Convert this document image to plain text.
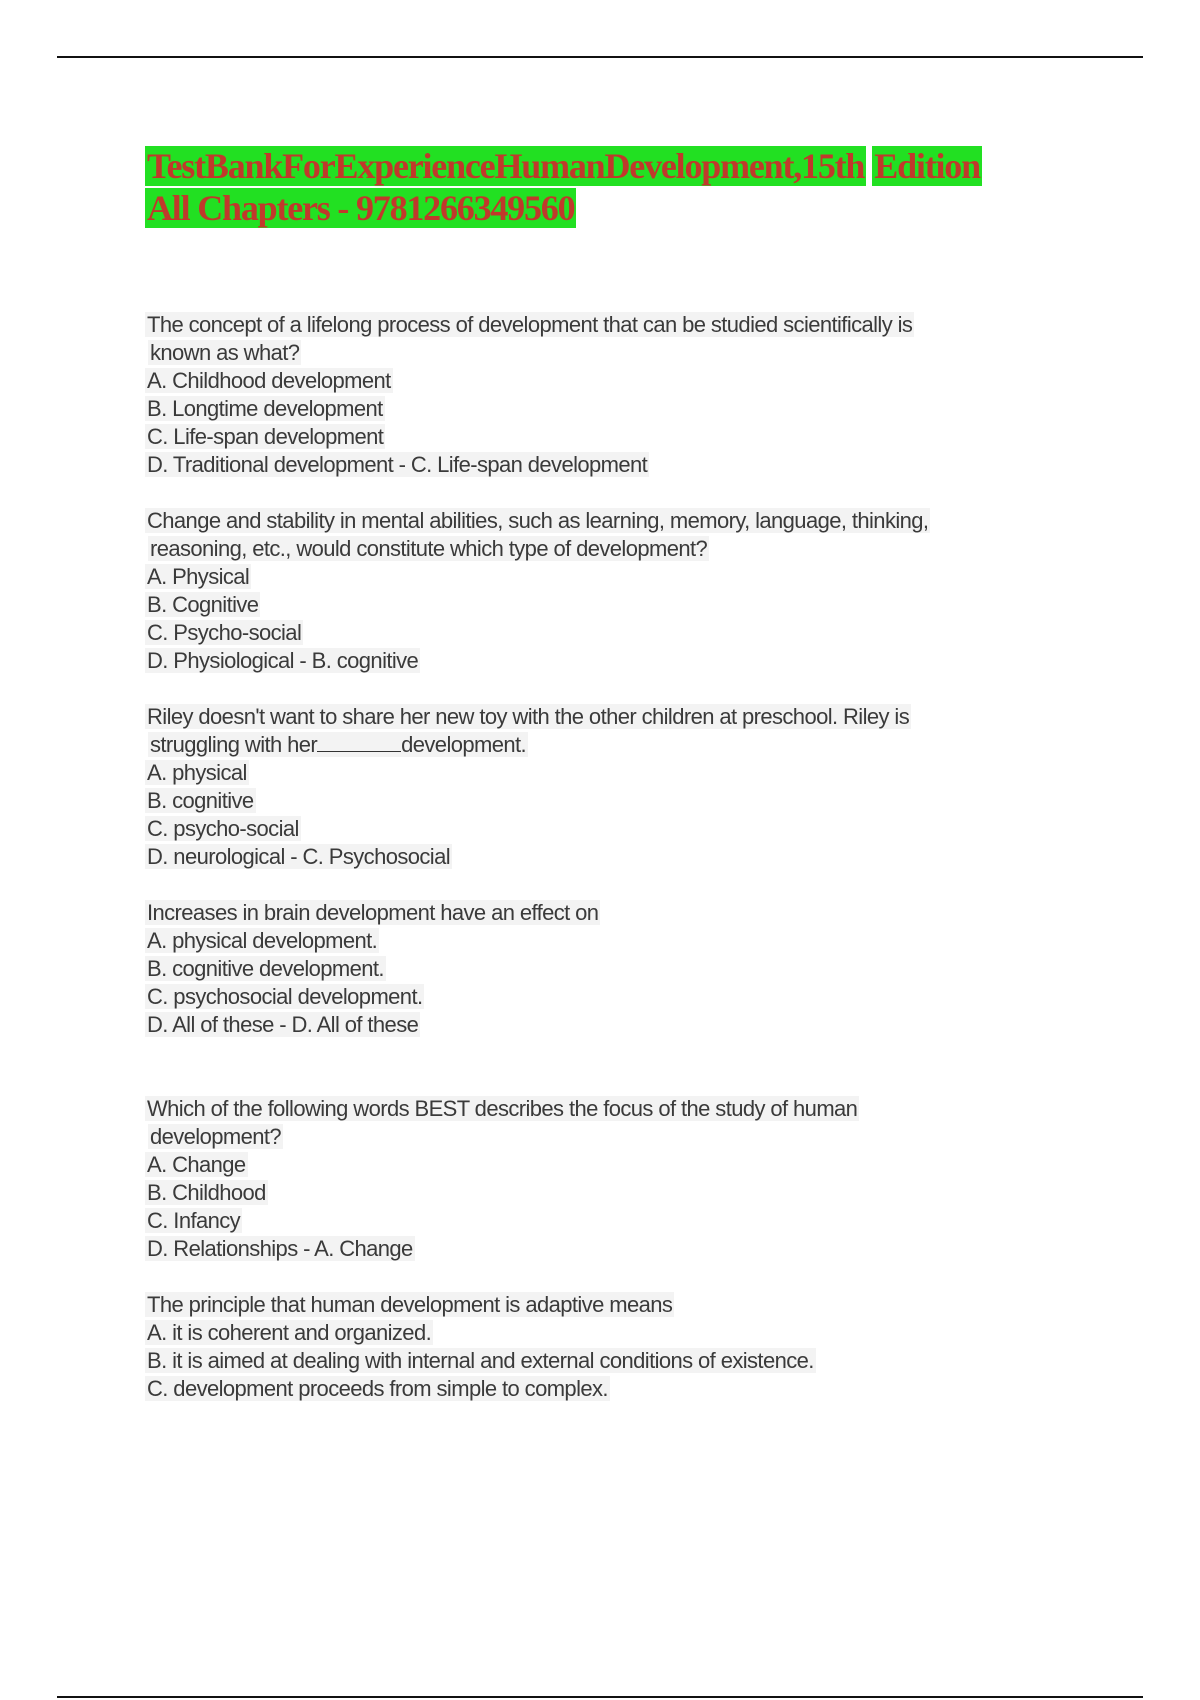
TestBankForExperienceHumanDevelopment,15th Edition
All Chapters - 9781266349560
The concept of a lifelong process of development that can be studied scientifically is
known as what?
A. Childhood development
B. Longtime development
C. Life-span development
D. Traditional development - C. Life-span development
Change and stability in mental abilities, such as learning, memory, language, thinking,
reasoning, etc., would constitute which type of development?
A. Physical
B. Cognitive
C. Psycho-social
D. Physiological - B. cognitive
Riley doesn't want to share her new toy with the other children at preschool. Riley is
struggling with her	development.
A. physical
B. cognitive
C. psycho-social
D. neurological - C. Psychosocial
Increases in brain development have an effect on
A. physical development.
B. cognitive development.
C. psychosocial development.
D. All of these - D. All of these
Which of the following words BEST describes the focus of the study of human
development?
A. Change
B. Childhood
C. Infancy
D. Relationships - A. Change
The principle that human development is adaptive means
A. it is coherent and organized.
B. it is aimed at dealing with internal and external conditions of existence.
C. development proceeds from simple to complex.
